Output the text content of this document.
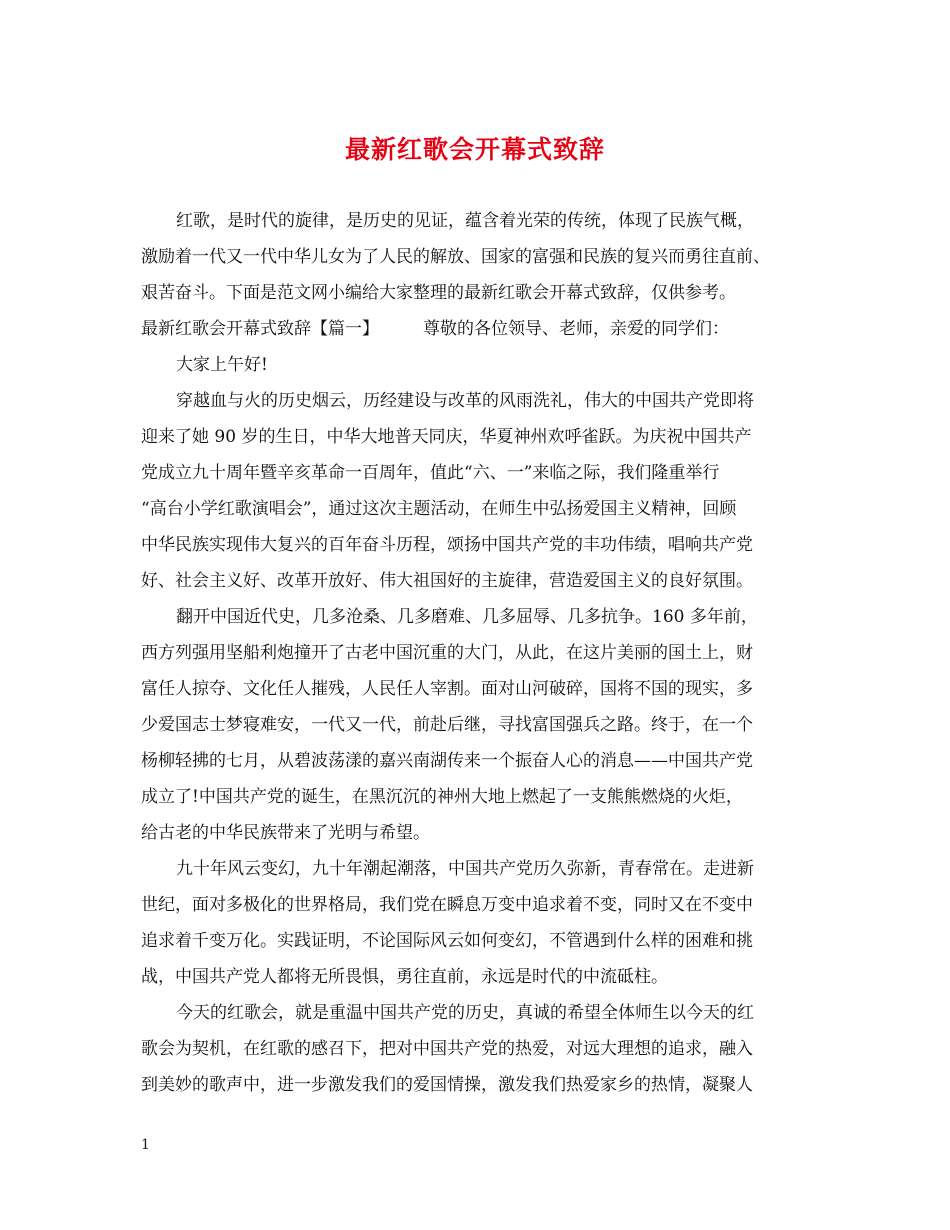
最新红歌会开幕式致辞
红歌，是时代的旋律，是历史的见证，蕴含着光荣的传统，体现了民族气概，
激励着一代又一代中华儿女为了人民的解放、国家的富强和民族的复兴而勇往直前、
艰苦奋斗。下面是范文网小编给大家整理的最新红歌会开幕式致辞，仅供参考。
最新红歌会开幕式致辞【篇一】	尊敬的各位领导、老师，亲爱的同学们：
大家上午好!
穿越血与火的历史烟云，历经建设与改革的风雨洗礼，伟大的中国共产党即将
迎来了她 90 岁的生日，中华大地普天同庆，华夏神州欢呼雀跃。为庆祝中国共产
党成立九十周年暨辛亥革命一百周年，值此“六、一”来临之际，我们隆重举行
“高台小学红歌演唱会”，通过这次主题活动，在师生中弘扬爱国主义精神，回顾
中华民族实现伟大复兴的百年奋斗历程，颂扬中国共产党的丰功伟绩，唱响共产党
好、社会主义好、改革开放好、伟大祖国好的主旋律，营造爱国主义的良好氛围。
翻开中国近代史，几多沧桑、几多磨难、几多屈辱、几多抗争。160 多年前，
西方列强用坚船利炮撞开了古老中国沉重的大门，从此，在这片美丽的国土上，财
富任人掠夺、文化任人摧残，人民任人宰割。面对山河破碎，国将不国的现实，多
少爱国志士梦寝难安，一代又一代，前赴后继，寻找富国强兵之路。终于，在一个
杨柳轻拂的七月，从碧波荡漾的嘉兴南湖传来一个振奋人心的消息——中国共产党
成立了!中国共产党的诞生，在黑沉沉的神州大地上燃起了一支熊熊燃烧的火炬，
给古老的中华民族带来了光明与希望。
九十年风云变幻，九十年潮起潮落，中国共产党历久弥新，青春常在。走进新
世纪，面对多极化的世界格局，我们党在瞬息万变中追求着不变，同时又在不变中
追求着千变万化。实践证明，不论国际风云如何变幻，不管遇到什么样的困难和挑
战，中国共产党人都将无所畏惧，勇往直前，永远是时代的中流砥柱。
今天的红歌会，就是重温中国共产党的历史，真诚的希望全体师生以今天的红
歌会为契机，在红歌的感召下，把对中国共产党的热爱，对远大理想的追求，融入
到美妙的歌声中，进一步激发我们的爱国情操，激发我们热爱家乡的热情，凝聚人
1
